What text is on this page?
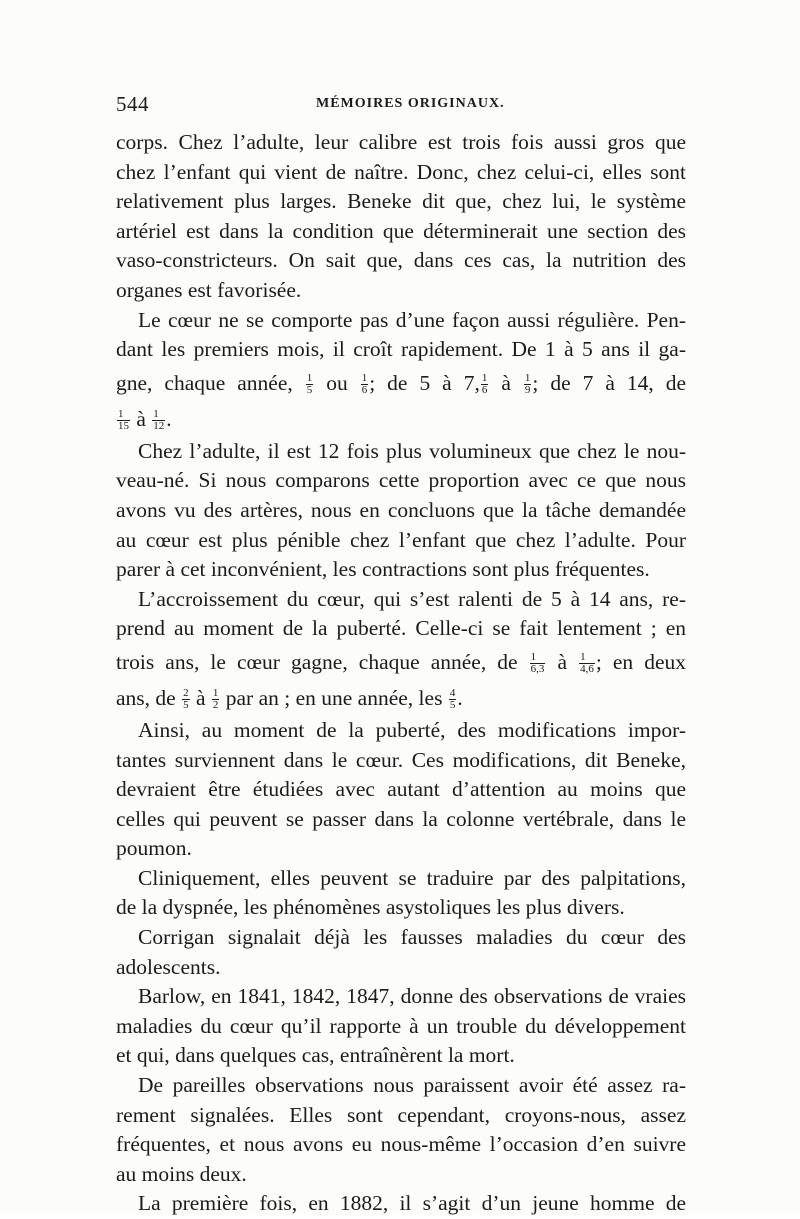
544	MÉMOIRES ORIGINAUX.
corps. Chez l’adulte, leur calibre est trois fois aussi gros que
chez l’enfant qui vient de naître. Donc, chez celui-ci, elles sont
relativement plus larges. Beneke dit que, chez lui, le système
artériel est dans la condition que déterminerait une section des
vaso-constricteurs. On sait que, dans ces cas, la nutrition des
organes est favorisée.
Le cœur ne se comporte pas d’une façon aussi régulière. Pen-
dant les premiers mois, il croît rapidement. De 1 à 5 ans il ga-
gne, chaque année, $\frac{1}{5}$ ou $\frac{1}{6}$ ; de 5 à 7, $\frac{1}{6}$ à $\frac{1}{9}$ ; de 7 à 14, de
$\frac{1}{15}$ à $\frac{1}{12}$ .
Chez l’adulte, il est 12 fois plus volumineux que chez le nou-
veau-né. Si nous comparons cette proportion avec ce que nous
avons vu des artères, nous en concluons que la tâche demandée
au cœur est plus pénible chez l’enfant que chez l’adulte. Pour
parer à cet inconvénient, les contractions sont plus fréquentes.
L’accroissement du cœur, qui s’est ralenti de 5 à 14 ans, re-
prend au moment de la puberté. Celle-ci se fait lentement ; en
trois ans, le cœur gagne, chaque année, de $\frac{1}{6,3}$ à $\frac{1}{4,6}$ ; en deux
ans, de $\frac{2}{5}$ à $\frac{1}{2}$ par an ; en une année, les $\frac{4}{5}$ .
Ainsi, au moment de la puberté, des modifications impor-
tantes surviennent dans le cœur. Ces modifications, dit Beneke,
devraient être étudiées avec autant d’attention au moins que
celles qui peuvent se passer dans la colonne vertébrale, dans le
poumon.
Cliniquement, elles peuvent se traduire par des palpitations,
de la dyspnée, les phénomènes asystoliques les plus divers.
Corrigan signalait déjà les fausses maladies du cœur des
adolescents.
Barlow, en 1841, 1842, 1847, donne des observations de vraies
maladies du cœur qu’il rapporte à un trouble du développement
et qui, dans quelques cas, entraînèrent la mort.
De pareilles observations nous paraissent avoir été assez ra-
rement signalées. Elles sont cependant, croyons-nous, assez
fréquentes, et nous avons eu nous-même l’occasion d’en suivre
au moins deux.
La première fois, en 1882, il s’agit d’un jeune homme de
